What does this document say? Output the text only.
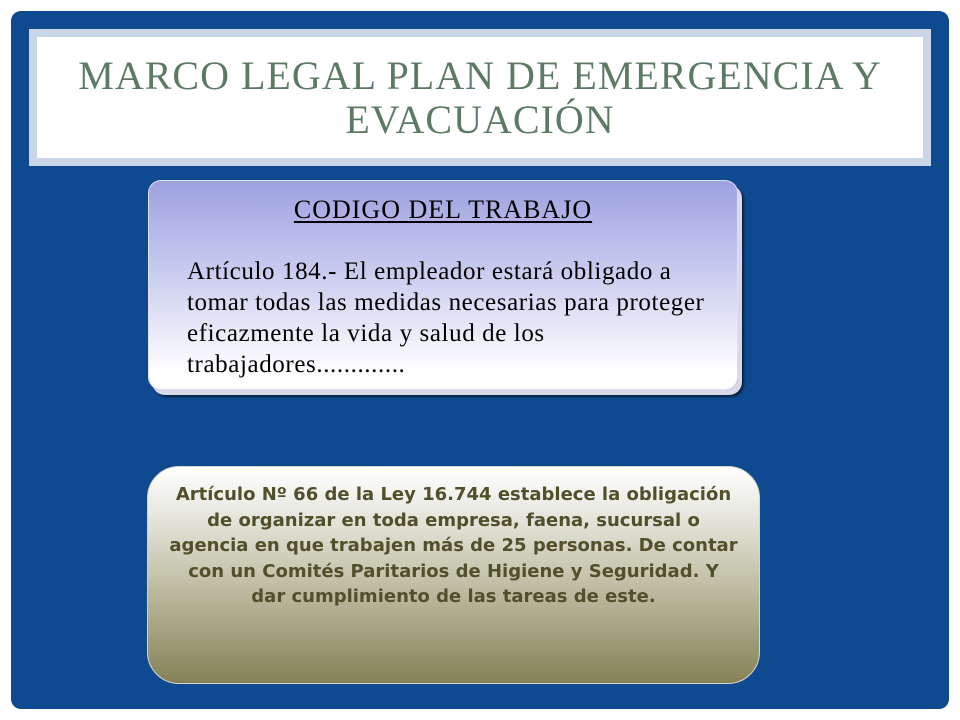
MARCO LEGAL PLAN DE EMERGENCIA Y EVACUACIÓN
CODIGO DEL TRABAJO

Artículo 184.- El empleador estará obligado a tomar todas las medidas necesarias para proteger eficazmente la vida y salud de los trabajadores.............

Artículo Nº 66 de la Ley 16.744 establece la obligación de organizar en toda empresa, faena, sucursal o agencia en que trabajen más de 25 personas. De contar con un Comités Paritarios de Higiene y Seguridad. Y dar cumplimiento de las tareas de este.
